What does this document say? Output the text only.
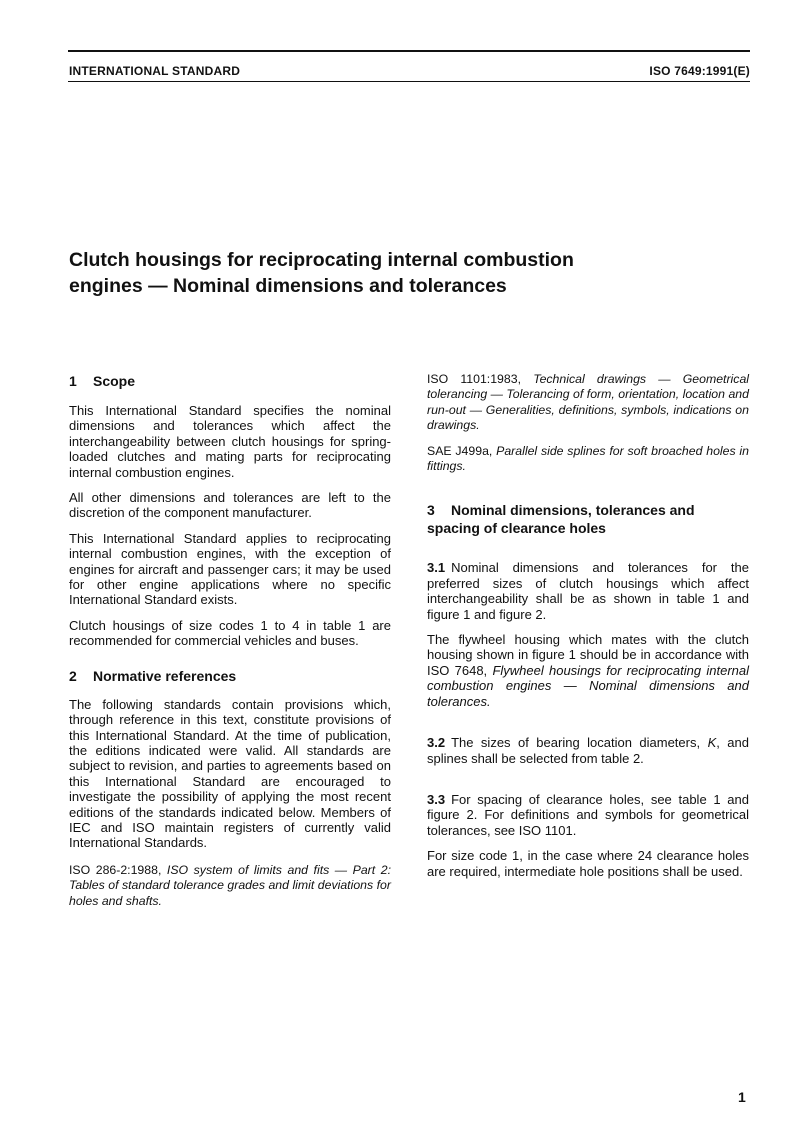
INTERNATIONAL STANDARD	ISO 7649:1991(E)
Clutch housings for reciprocating internal combustion
engines — Nominal dimensions and tolerances
1 Scope

This International Standard specifies the nominal dimensions and tolerances which affect the interchangeability between clutch housings for spring-loaded clutches and mating parts for reciprocating internal combustion engines.

All other dimensions and tolerances are left to the discretion of the component manufacturer.

This International Standard applies to reciprocating internal combustion engines, with the exception of engines for aircraft and passenger cars; it may be used for other engine applications where no specific International Standard exists.

Clutch housings of size codes 1 to 4 in table 1 are recommended for commercial vehicles and buses.

2 Normative references

The following standards contain provisions which, through reference in this text, constitute provisions of this International Standard. At the time of publication, the editions indicated were valid. All standards are subject to revision, and parties to agreements based on this International Standard are encouraged to investigate the possibility of applying the most recent editions of the standards indicated below. Members of IEC and ISO maintain registers of currently valid International Standards.

ISO 286-2:1988, ISO system of limits and fits — Part 2: Tables of standard tolerance grades and limit deviations for holes and shafts.

ISO 1101:1983, Technical drawings — Geometrical tolerancing — Tolerancing of form, orientation, location and run-out — Generalities, definitions, symbols, indications on drawings.

SAE J499a, Parallel side splines for soft broached holes in fittings.

3 Nominal dimensions, tolerances and
spacing of clearance holes

3.1 Nominal dimensions and tolerances for the preferred sizes of clutch housings which affect interchangeability shall be as shown in table 1 and figure 1 and figure 2.

The flywheel housing which mates with the clutch housing shown in figure 1 should be in accordance with ISO 7648, Flywheel housings for reciprocating internal combustion engines — Nominal dimensions and tolerances.

3.2 The sizes of bearing location diameters, K, and splines shall be selected from table 2.

3.3 For spacing of clearance holes, see table 1 and figure 2. For definitions and symbols for geometrical tolerances, see ISO 1101.

For size code 1, in the case where 24 clearance holes are required, intermediate hole positions shall be used.

1
